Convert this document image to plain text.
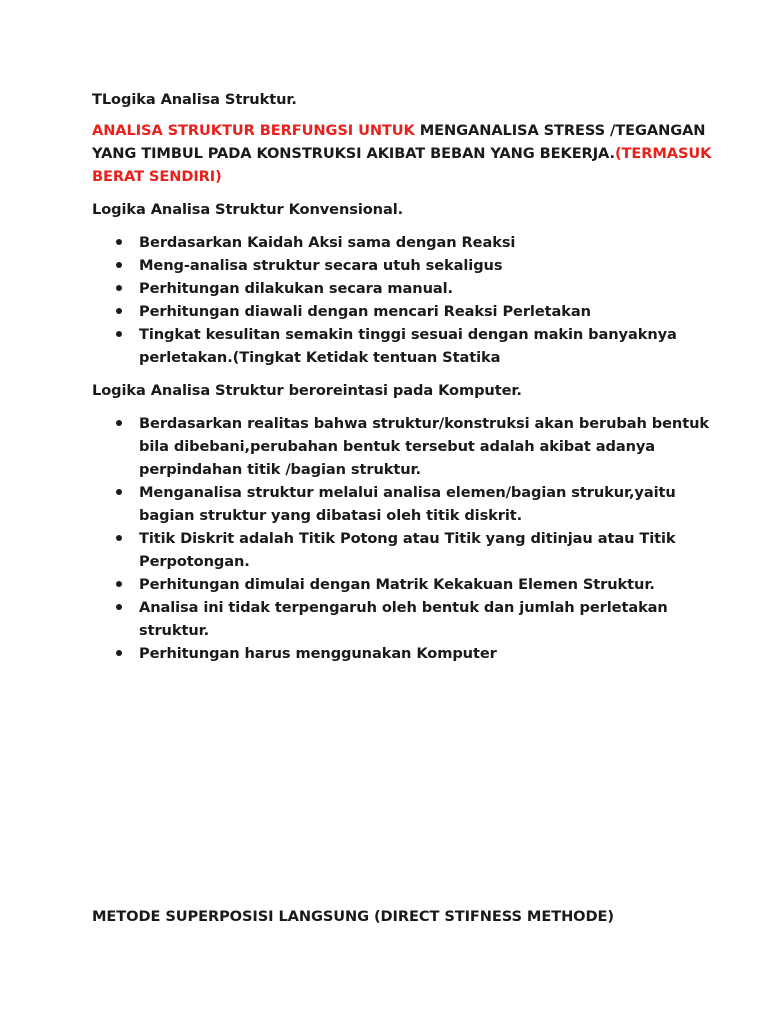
TLogika Analisa Struktur.
ANALISA STRUKTUR BERFUNGSI UNTUK MENGANALISA STRESS /TEGANGAN YANG TIMBUL PADA KONSTRUKSI AKIBAT BEBAN YANG BEKERJA.(TERMASUK BERAT SENDIRI)
Logika Analisa Struktur Konvensional.
Berdasarkan Kaidah Aksi sama dengan Reaksi
Meng-analisa struktur secara utuh sekaligus
Perhitungan dilakukan secara manual.
Perhitungan diawali dengan mencari Reaksi Perletakan
Tingkat kesulitan semakin tinggi sesuai dengan makin banyaknya perletakan.(Tingkat Ketidak tentuan Statika
Logika Analisa Struktur beroreintasi pada Komputer.
Berdasarkan realitas bahwa struktur/konstruksi akan berubah bentuk bila dibebani,perubahan bentuk tersebut adalah akibat adanya perpindahan titik /bagian struktur.
Menganalisa struktur melalui analisa elemen/bagian strukur,yaitu bagian struktur yang dibatasi oleh titik diskrit.
Titik Diskrit adalah Titik Potong atau Titik yang ditinjau atau Titik Perpotongan.
Perhitungan dimulai dengan Matrik Kekakuan Elemen Struktur.
Analisa ini tidak terpengaruh oleh bentuk dan jumlah perletakan struktur.
Perhitungan harus menggunakan Komputer
METODE SUPERPOSISI LANGSUNG (DIRECT STIFNESS METHODE)
